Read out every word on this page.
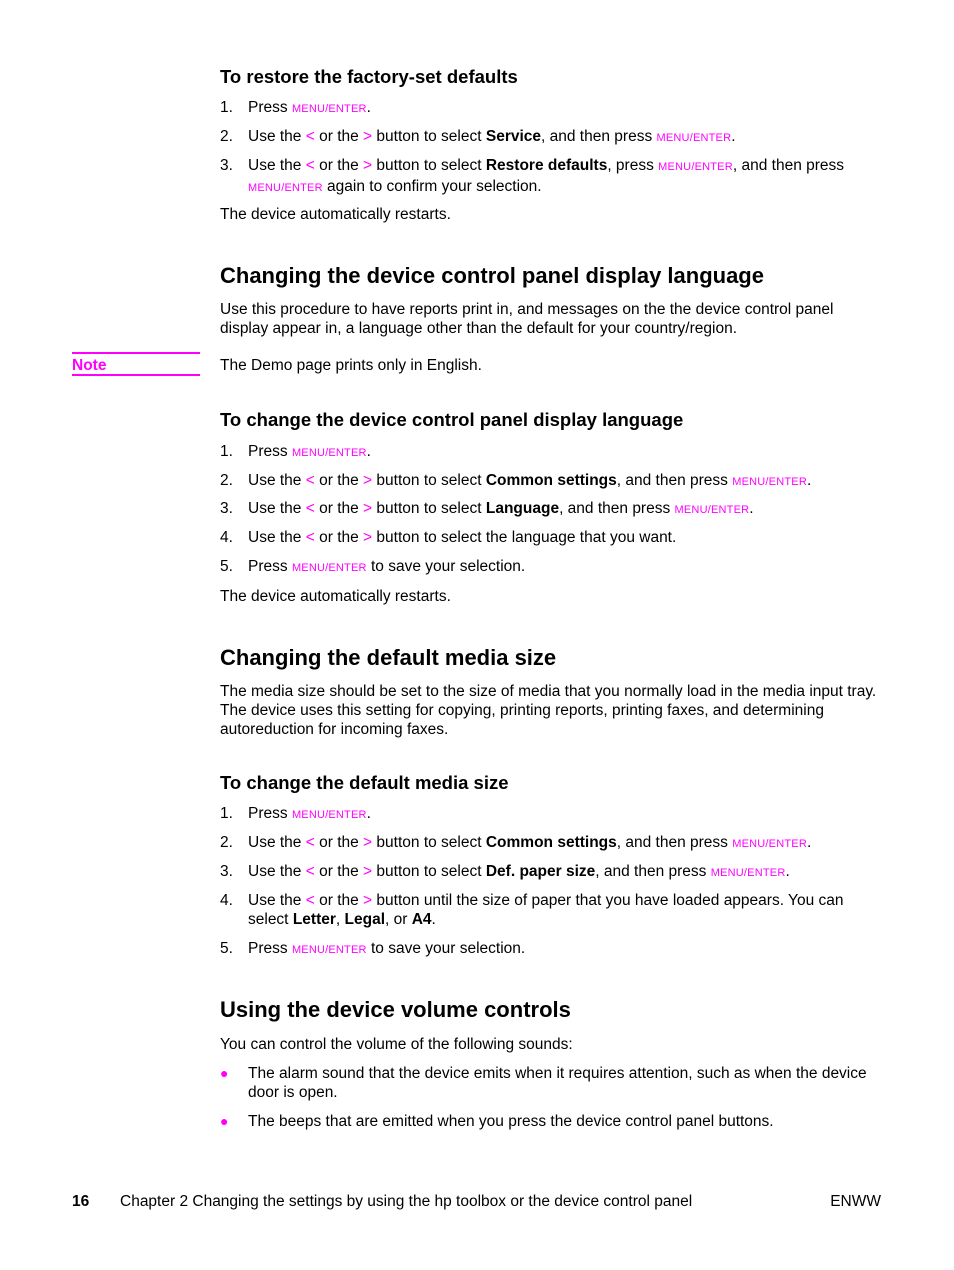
To restore the factory-set defaults
1. Press MENU/ENTER.
2. Use the < or the > button to select Service, and then press MENU/ENTER.
3. Use the < or the > button to select Restore defaults, press MENU/ENTER, and then press
MENU/ENTER again to confirm your selection.

The device automatically restarts.

Changing the device control panel display language

Use this procedure to have reports print in, and messages on the the device control panel display appear in, a language other than the default for your country/region.

Note	The Demo page prints only in English.

To change the device control panel display language
1. Press MENU/ENTER.
2. Use the < or the > button to select Common settings, and then press MENU/ENTER.
3. Use the < or the > button to select Language, and then press MENU/ENTER.
4. Use the < or the > button to select the language that you want.
5. Press MENU/ENTER to save your selection.

The device automatically restarts.

Changing the default media size

The media size should be set to the size of media that you normally load in the media input tray. The device uses this setting for copying, printing reports, printing faxes, and determining autoreduction for incoming faxes.

To change the default media size
1. Press MENU/ENTER.
2. Use the < or the > button to select Common settings, and then press MENU/ENTER.
3. Use the < or the > button to select Def. paper size, and then press MENU/ENTER.
4. Use the < or the > button until the size of paper that you have loaded appears. You can select Letter, Legal, or A4.
5. Press MENU/ENTER to save your selection.
Using the device volume controls

You can control the volume of the following sounds:

● The alarm sound that the device emits when it requires attention, such as when the device door is open.
● The beeps that are emitted when you press the device control panel buttons.
16 Chapter 2 Changing the settings by using the hp toolbox or the device control panel	ENWW
